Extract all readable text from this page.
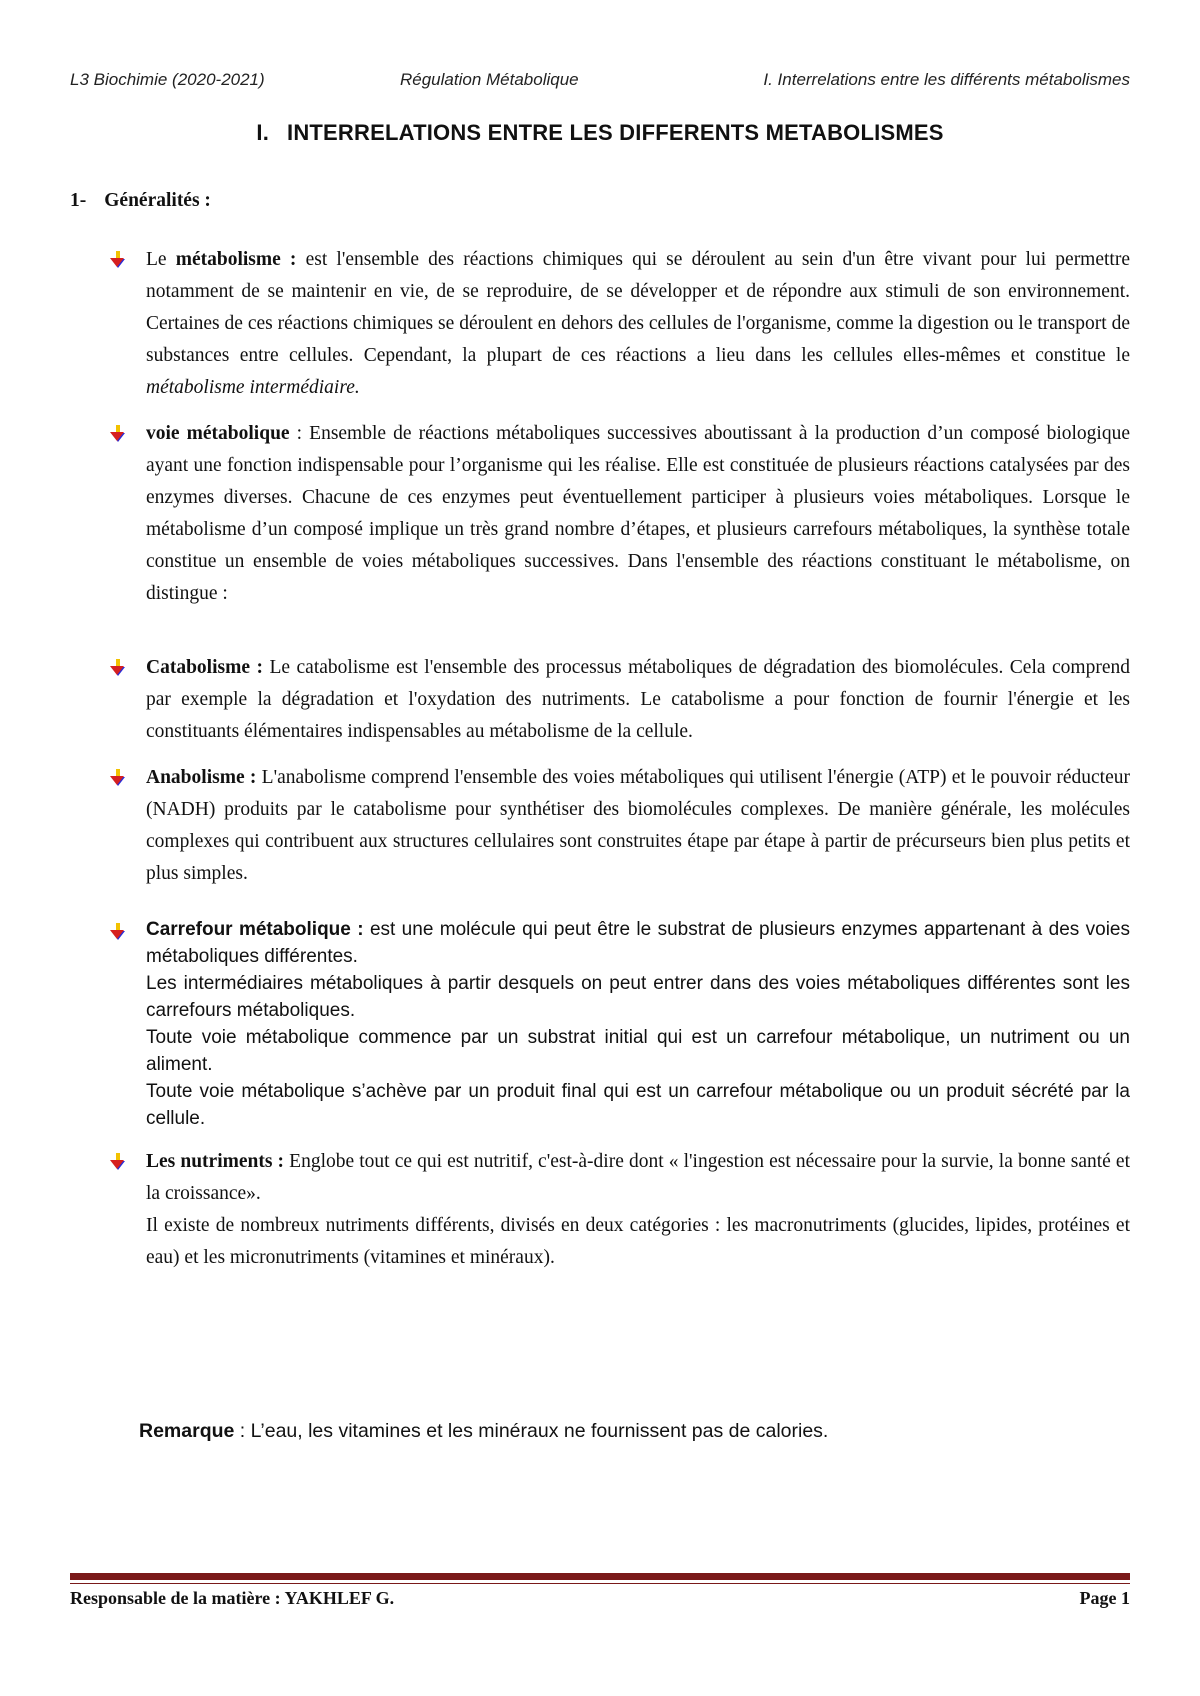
L3 Biochimie (2020-2021)	Régulation Métabolique	I. Interrelations entre les différents métabolismes
I. INTERRELATIONS ENTRE LES DIFFERENTS METABOLISMES
1- Généralités :

Le métabolisme : est l'ensemble des réactions chimiques qui se déroulent au sein d'un être vivant pour lui permettre notamment de se maintenir en vie, de se reproduire, de se développer et de répondre aux stimuli de son environnement. Certaines de ces réactions chimiques se déroulent en dehors des cellules de l'organisme, comme la digestion ou le transport de substances entre cellules. Cependant, la plupart de ces réactions a lieu dans les cellules elles-mêmes et constitue le métabolisme intermédiaire.

voie métabolique : Ensemble de réactions métaboliques successives aboutissant à la production d’un composé biologique ayant une fonction indispensable pour l’organisme qui les réalise. Elle est constituée de plusieurs réactions catalysées par des enzymes diverses. Chacune de ces enzymes peut éventuellement participer à plusieurs voies métaboliques. Lorsque le métabolisme d’un composé implique un très grand nombre d’étapes, et plusieurs carrefours métaboliques, la synthèse totale constitue un ensemble de voies métaboliques successives. Dans l'ensemble des réactions constituant le métabolisme, on distingue :

Catabolisme : Le catabolisme est l'ensemble des processus métaboliques de dégradation des biomolécules. Cela comprend par exemple la dégradation et l'oxydation des nutriments. Le catabolisme a pour fonction de fournir l'énergie et les constituants élémentaires indispensables au métabolisme de la cellule.

Anabolisme : L'anabolisme comprend l'ensemble des voies métaboliques qui utilisent l'énergie (ATP) et le pouvoir réducteur (NADH) produits par le catabolisme pour synthétiser des biomolécules complexes. De manière générale, les molécules complexes qui contribuent aux structures cellulaires sont construites étape par étape à partir de précurseurs bien plus petits et plus simples.

Carrefour métabolique : est une molécule qui peut être le substrat de plusieurs enzymes appartenant à des voies métaboliques différentes.

Les intermédiaires métaboliques à partir desquels on peut entrer dans des voies métaboliques différentes sont les carrefours métaboliques.

Toute voie métabolique commence par un substrat initial qui est un carrefour métabolique, un nutriment ou un aliment.

Toute voie métabolique s’achève par un produit final qui est un carrefour métabolique ou un produit sécrété par la cellule.

Les nutriments : Englobe tout ce qui est nutritif, c'est-à-dire dont « l'ingestion est nécessaire pour la survie, la bonne santé et la croissance».

Il existe de nombreux nutriments différents, divisés en deux catégories : les macronutriments (glucides, lipides, protéines et eau) et les micronutriments (vitamines et minéraux).

Remarque : L’eau, les vitamines et les minéraux ne fournissent pas de calories.
Responsable de la matière : YAKHLEF G.	Page 1
